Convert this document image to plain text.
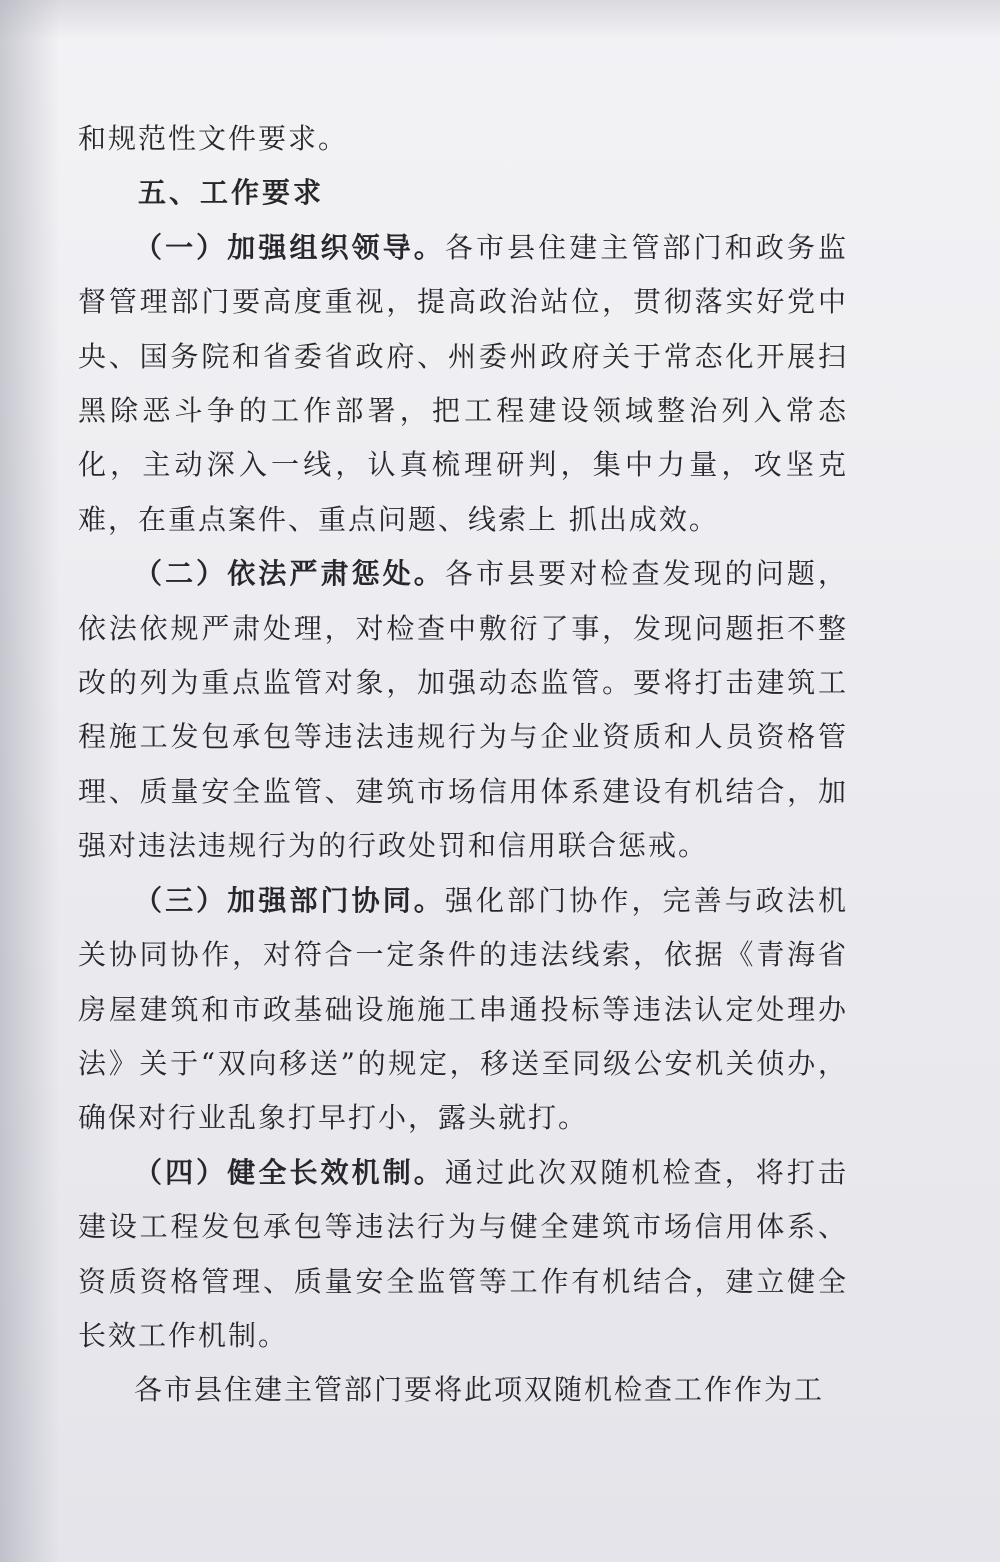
和规范性文件要求。

五、工作要求

（一）加强组织领导。各市县住建主管部门和政务监督管理部门要高度重视，提高政治站位，贯彻落实好党中央、国务院和省委省政府、州委州政府关于常态化开展扫黑除恶斗争的工作部署，把工程建设领域整治列入常态化，主动深入一线，认真梳理研判，集中力量，攻坚克难，在重点案件、重点问题、线索上 抓出成效。

（二）依法严肃惩处。各市县要对检查发现的问题，依法依规严肃处理，对检查中敷衍了事，发现问题拒不整改的列为重点监管对象，加强动态监管。要将打击建筑工程施工发包承包等违法违规行为与企业资质和人员资格管理、质量安全监管、建筑市场信用体系建设有机结合，加强对违法违规行为的行政处罚和信用联合惩戒。

（三）加强部门协同。强化部门协作，完善与政法机关协同协作，对符合一定条件的违法线索，依据《青海省房屋建筑和市政基础设施施工串通投标等违法认定处理办法》关于“双向移送”的规定，移送至同级公安机关侦办，确保对行业乱象打早打小，露头就打。

（四）健全长效机制。通过此次双随机检查，将打击建设工程发包承包等违法行为与健全建筑市场信用体系、资质资格管理、质量安全监管等工作有机结合，建立健全长效工作机制。

各市县住建主管部门要将此项双随机检查工作作为工
